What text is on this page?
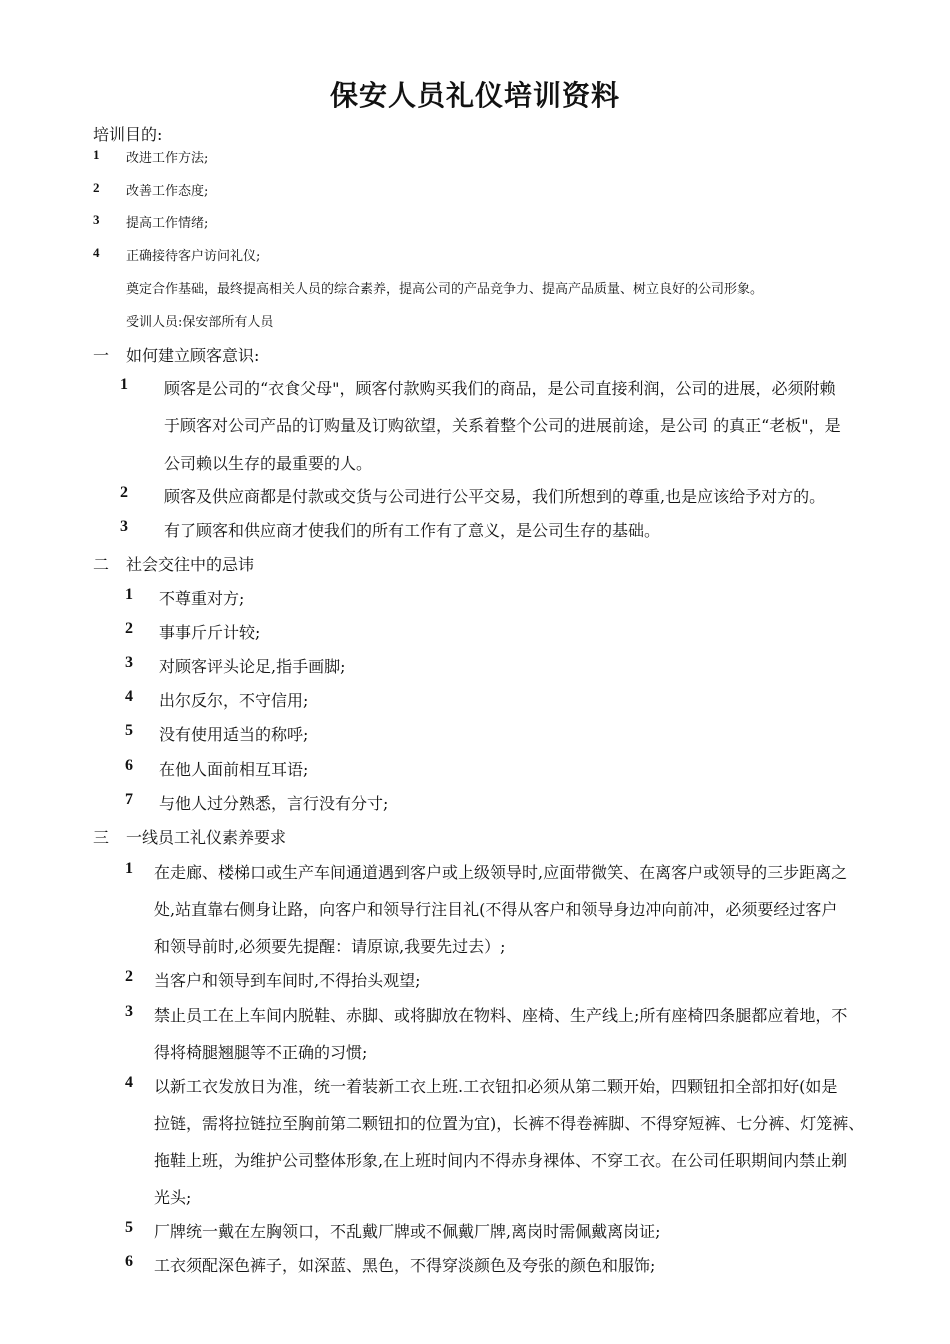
保安人员礼仪培训资料
培训目的:
1 改进工作方法;
2 改善工作态度;
3 提高工作情绪;
4 正确接待客户访问礼仪;
奠定合作基础，最终提高相关人员的综合素养，提高公司的产品竞争力、提高产品质量、树立良好的公司形象。
受训人员:保安部所有人员
一 如何建立顾客意识:
1 顾客是公司的“衣食父母"，顾客付款购买我们的商品，是公司直接利润，公司的进展，必须附赖
于顾客对公司产品的订购量及订购欲望，关系着整个公司的进展前途，是公司 的真正“老板"，是
公司赖以生存的最重要的人。
2 顾客及供应商都是付款或交货与公司进行公平交易，我们所想到的尊重,也是应该给予对方的。
3 有了顾客和供应商才使我们的所有工作有了意义，是公司生存的基础。
二 社会交往中的忌讳
1 不尊重对方;
2 事事斤斤计较;
3 对顾客评头论足,指手画脚;
4 出尔反尔，不守信用;
5 没有使用适当的称呼;
6 在他人面前相互耳语;
7 与他人过分熟悉，言行没有分寸;
三 一线员工礼仪素养要求
1 在走廊、楼梯口或生产车间通道遇到客户或上级领导时,应面带微笑、在离客户或领导的三步距离之
处,站直靠右侧身让路，向客户和领导行注目礼(不得从客户和领导身边冲向前冲，必须要经过客户
和领导前时,必须要先提醒：请原谅,我要先过去）;
2 当客户和领导到车间时,不得抬头观望;
3 禁止员工在上车间内脱鞋、赤脚、或将脚放在物料、座椅、生产线上;所有座椅四条腿都应着地，不
得将椅腿翘腿等不正确的习惯;
4 以新工衣发放日为准，统一着装新工衣上班.工衣钮扣必须从第二颗开始，四颗钮扣全部扣好(如是
拉链，需将拉链拉至胸前第二颗钮扣的位置为宜)，长裤不得卷裤脚、不得穿短裤、七分裤、灯笼裤、
拖鞋上班，为维护公司整体形象,在上班时间内不得赤身裸体、不穿工衣。在公司任职期间内禁止剃
光头;
5 厂牌统一戴在左胸领口，不乱戴厂牌或不佩戴厂牌,离岗时需佩戴离岗证;
6 工衣须配深色裤子，如深蓝、黑色，不得穿淡颜色及夸张的颜色和服饰;
